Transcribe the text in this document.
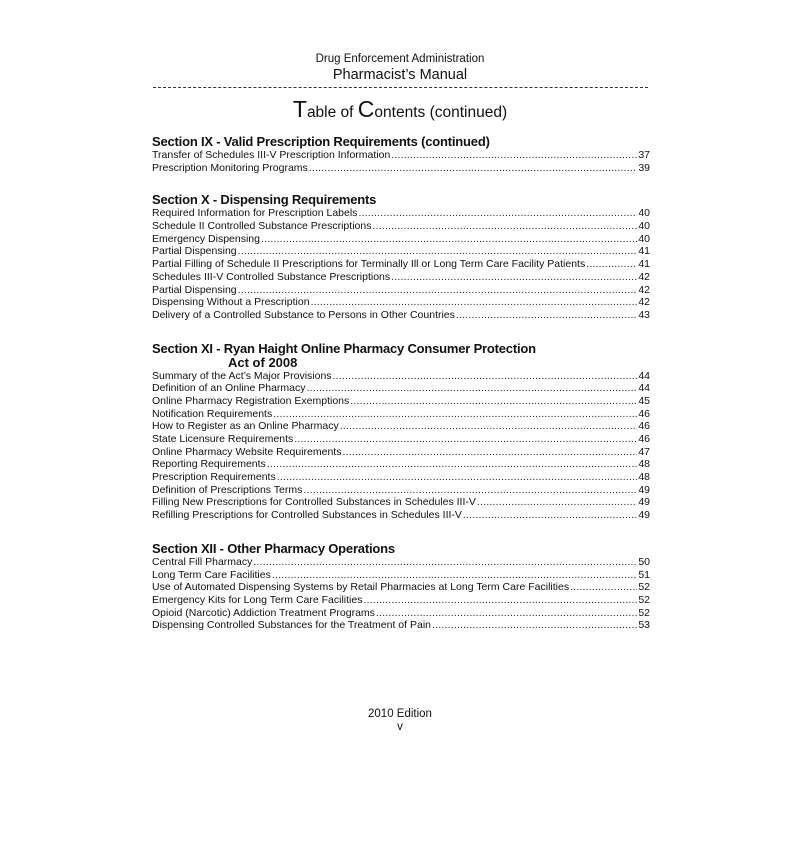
Drug Enforcement Administration
Pharmacist’s Manual
Table of Contents (continued)
Section IX - Valid Prescription Requirements (continued)
Transfer of Schedules III-V Prescription Information .....	37
Prescription Monitoring Programs .....	39
Section X - Dispensing Requirements
Required Information for Prescription Labels .....	40
Schedule II Controlled Substance Prescriptions .....	40
Emergency Dispensing .....	40
Partial Dispensing .....	41
Partial Filling of Schedule II Prescriptions for Terminally Ill or Long Term Care Facility Patients .....	41
Schedules III-V Controlled Substance Prescriptions .....	42
Partial Dispensing .....	42
Dispensing Without a Prescription .....	42
Delivery of a Controlled Substance to Persons in Other Countries .....	43
Section XI - Ryan Haight Online Pharmacy Consumer Protection
Act of 2008
Summary of the Act’s Major Provisions .....	44
Definition of an Online Pharmacy .....	44
Online Pharmacy Registration Exemptions .....	45
Notification Requirements .....	46
How to Register as an Online Pharmacy .....	46
State Licensure Requirements .....	46
Online Pharmacy Website Requirements .....	47
Reporting Requirements .....	48
Prescription Requirements .....	48
Definition of Prescriptions Terms .....	49
Filling New Prescriptions for Controlled Substances in Schedules III-V .....	49
Refilling Prescriptions for Controlled Substances in Schedules III-V .....	49
Section XII - Other Pharmacy Operations
Central Fill Pharmacy .....	50
Long Term Care Facilities .....	51
Use of Automated Dispensing Systems by Retail Pharmacies at Long Term Care Facilities .....	52
Emergency Kits for Long Term Care Facilities .....	52
Opioid (Narcotic) Addiction Treatment Programs .....	52
Dispensing Controlled Substances for the Treatment of Pain .....	53
2010 Edition
v
